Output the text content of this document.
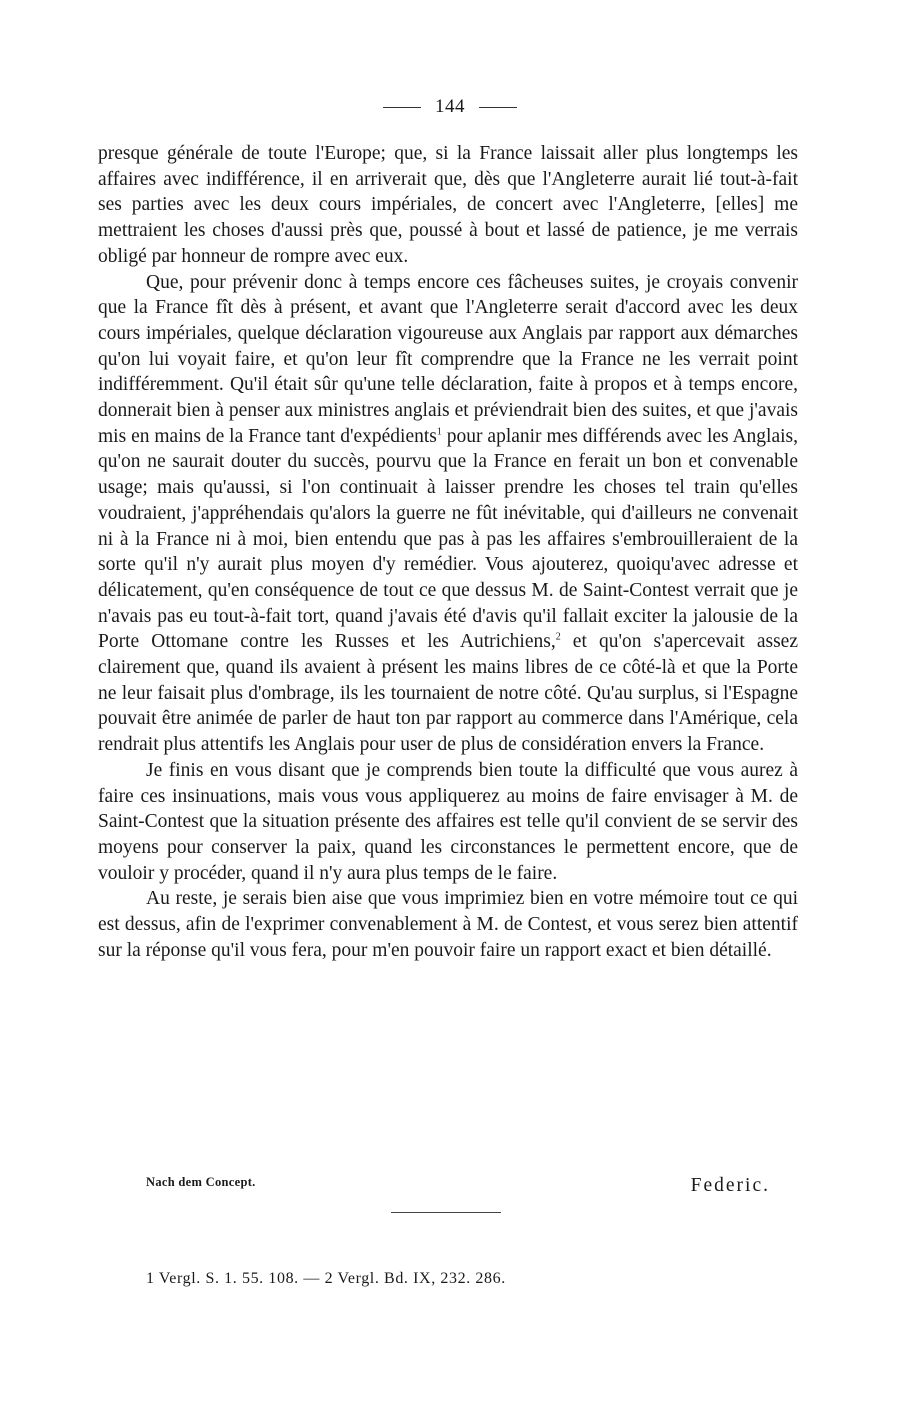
144

presque générale de toute l'Europe; que, si la France laissait aller plus longtemps les affaires avec indifférence, il en arriverait que, dès que l'Angleterre aurait lié tout-à-fait ses parties avec les deux cours impériales, de concert avec l'Angleterre, [elles] me mettraient les choses d'aussi près que, poussé à bout et lassé de patience, je me verrais obligé par honneur de rompre avec eux.

Que, pour prévenir donc à temps encore ces fâcheuses suites, je croyais convenir que la France fît dès à présent, et avant que l'Angleterre serait d'accord avec les deux cours impériales, quelque déclaration vigoureuse aux Anglais par rapport aux démarches qu'on lui voyait faire, et qu'on leur fît comprendre que la France ne les verrait point indifféremment. Qu'il était sûr qu'une telle déclaration, faite à propos et à temps encore, donnerait bien à penser aux ministres anglais et préviendrait bien des suites, et que j'avais mis en mains de la France tant d'expédients$^1$ pour aplanir mes différends avec les Anglais, qu'on ne saurait douter du succès, pourvu que la France en ferait un bon et convenable usage; mais qu'aussi, si l'on continuait à laisser prendre les choses tel train qu'elles voudraient, j'appréhendais qu'alors la guerre ne fût inévitable, qui d'ailleurs ne convenait ni à la France ni à moi, bien entendu que pas à pas les affaires s'embrouilleraient de la sorte qu'il n'y aurait plus moyen d'y remédier. Vous ajouterez, quoiqu'avec adresse et délicatement, qu'en conséquence de tout ce que dessus M. de Saint-Contest verrait que je n'avais pas eu tout-à-fait tort, quand j'avais été d'avis qu'il fallait exciter la jalousie de la Porte Ottomane contre les Russes et les Autrichiens,$^2$ et qu'on s'apercevait assez clairement que, quand ils avaient à présent les mains libres de ce côté-là et que la Porte ne leur faisait plus d'ombrage, ils les tournaient de notre côté. Qu'au surplus, si l'Espagne pouvait être animée de parler de haut ton par rapport au commerce dans l'Amérique, cela rendrait plus attentifs les Anglais pour user de plus de considération envers la France.

Je finis en vous disant que je comprends bien toute la difficulté que vous aurez à faire ces insinuations, mais vous vous appliquerez au moins de faire envisager à M. de Saint-Contest que la situation présente des affaires est telle qu'il convient de se servir des moyens pour conserver la paix, quand les circonstances le permettent encore, que de vouloir y procéder, quand il n'y aura plus temps de le faire.

Au reste, je serais bien aise que vous imprimiez bien en votre mémoire tout ce qui est dessus, afin de l'exprimer convenablement à M. de Contest, et vous serez bien attentif sur la réponse qu'il vous fera, pour m'en pouvoir faire un rapport exact et bien détaillé.

Nach dem Concept.	Federic.
1 Vergl. S. 1. 55. 108. — 2 Vergl. Bd. IX, 232. 286.
